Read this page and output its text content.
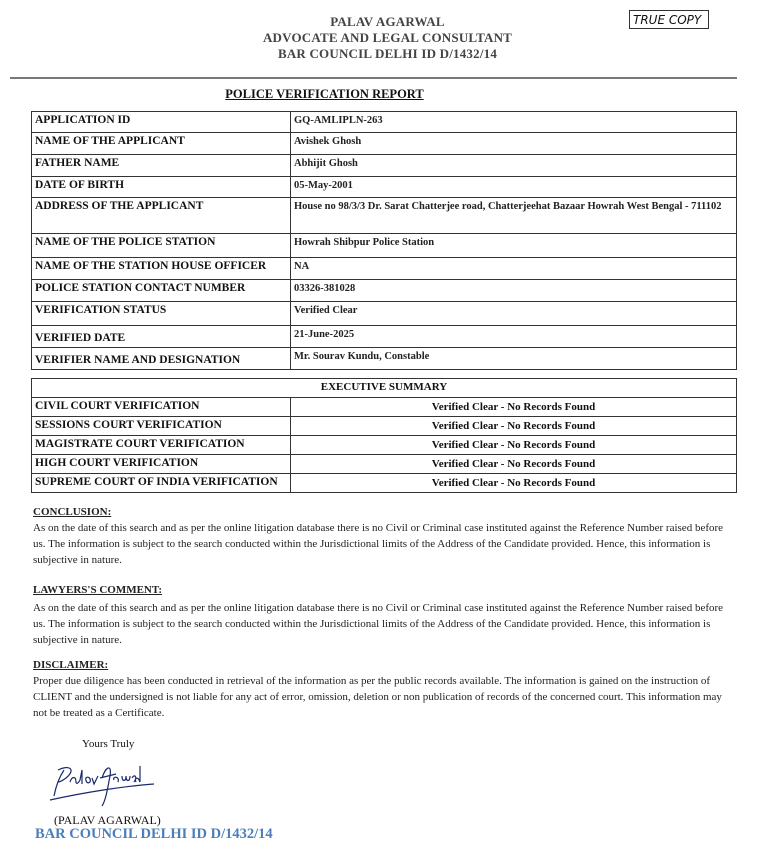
PALAV AGARWAL
ADVOCATE AND LEGAL CONSULTANT
BAR COUNCIL DELHI ID D/1432/14
TRUE COPY
POLICE VERIFICATION REPORT
APPLICATION ID	GQ-AMLIPLN-263
NAME OF THE APPLICANT	Avishek Ghosh
FATHER NAME	Abhijit Ghosh
DATE OF BIRTH	05-May-2001
ADDRESS OF THE APPLICANT	House no 98/3/3 Dr. Sarat Chatterjee road, Chatterjeehat Bazaar Howrah West Bengal - 711102
NAME OF THE POLICE STATION	Howrah Shibpur Police Station
NAME OF THE STATION HOUSE OFFICER	NA
POLICE STATION CONTACT NUMBER	03326-381028
VERIFICATION STATUS	Verified Clear
VERIFIED DATE	21-June-2025
VERIFIER NAME AND DESIGNATION	Mr. Sourav Kundu, Constable
EXECUTIVE SUMMARY	
CIVIL COURT VERIFICATION	Verified Clear - No Records Found
SESSIONS COURT VERIFICATION	Verified Clear - No Records Found
MAGISTRATE COURT VERIFICATION	Verified Clear - No Records Found
HIGH COURT VERIFICATION	Verified Clear - No Records Found
SUPREME COURT OF INDIA VERIFICATION	Verified Clear - No Records Found
CONCLUSION:
As on the date of this search and as per the online litigation database there is no Civil or Criminal case instituted against the Reference Number raised before us. The information is subject to the search conducted within the Jurisdictional limits of the Address of the Candidate provided. Hence, this information is subjective in nature.
LAWYERS'S COMMENT:
As on the date of this search and as per the online litigation database there is no Civil or Criminal case instituted against the Reference Number raised before us. The information is subject to the search conducted within the Jurisdictional limits of the Address of the Candidate provided. Hence, this information is subjective in nature.
DISCLAIMER:
Proper due diligence has been conducted in retrieval of the information as per the public records available. The information is gained on the instruction of CLIENT and the undersigned is not liable for any act of error, omission, deletion or non publication of records of the concerned court. This information may not be treated as a Certificate.
Yours Truly
(PALAV AGARWAL)
BAR COUNCIL DELHI ID D/1432/14
